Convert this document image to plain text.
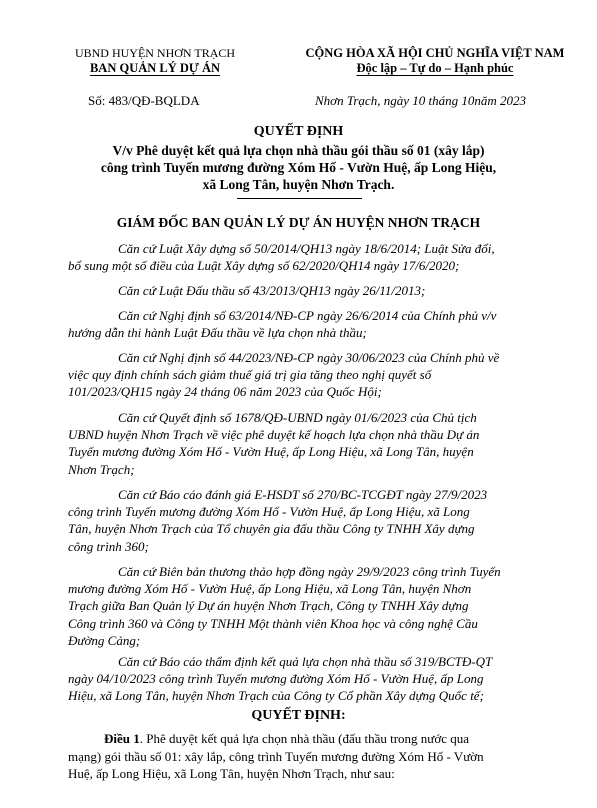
UBND HUYỆN NHƠN TRẠCH
BAN QUẢN LÝ DỰ ÁN
CỘNG HÒA XÃ HỘI CHỦ NGHĨA VIỆT NAM
Độc lập – Tự do – Hạnh phúc
Số: 483/QĐ-BQLDA	Nhơn Trạch, ngày 10 tháng 10năm 2023
QUYẾT ĐỊNH
V/v Phê duyệt kết quả lựa chọn nhà thầu gói thầu số 01 (xây lắp)
công trình Tuyến mương đường Xóm Hố - Vườn Huệ, ấp Long Hiệu,
xã Long Tân, huyện Nhơn Trạch.
GIÁM ĐỐC BAN QUẢN LÝ DỰ ÁN HUYỆN NHƠN TRẠCH
Căn cứ Luật Xây dựng số 50/2014/QH13 ngày 18/6/2014; Luật Sửa đổi,
bổ sung một số điều của Luật Xây dựng số 62/2020/QH14 ngày 17/6/2020;
Căn cứ Luật Đấu thầu số 43/2013/QH13 ngày 26/11/2013;
Căn cứ Nghị định số 63/2014/NĐ-CP ngày 26/6/2014 của Chính phủ v/v
hướng dẫn thi hành Luật Đấu thầu về lựa chọn nhà thầu;
Căn cứ Nghị định số 44/2023/NĐ-CP ngày 30/06/2023 của Chính phủ về
việc quy định chính sách giảm thuế giá trị gia tăng theo nghị quyết số
101/2023/QH15 ngày 24 tháng 06 năm 2023 của Quốc Hội;
Căn cứ Quyết định số 1678/QĐ-UBND ngày 01/6/2023 của Chủ tịch
UBND huyện Nhơn Trạch về việc phê duyệt kế hoạch lựa chọn nhà thầu Dự án
Tuyến mương đường Xóm Hố - Vườn Huệ, ấp Long Hiệu, xã Long Tân, huyện
Nhơn Trạch;
Căn cứ Báo cáo đánh giá E-HSDT số 270/BC-TCGĐT ngày 27/9/2023
công trình Tuyến mương đường Xóm Hố - Vườn Huệ, ấp Long Hiệu, xã Long
Tân, huyện Nhơn Trạch của Tổ chuyên gia đấu thầu Công ty TNHH Xây dựng
công trình 360;
Căn cứ Biên bản thương thảo hợp đồng ngày 29/9/2023 công trình Tuyến
mương đường Xóm Hố - Vườn Huệ, ấp Long Hiệu, xã Long Tân, huyện Nhơn
Trạch giữa Ban Quản lý Dự án huyện Nhơn Trạch, Công ty TNHH Xây dựng
Công trình 360 và Công ty TNHH Một thành viên Khoa học và công nghệ Cầu
Đường Cảng;
Căn cứ Báo cáo thẩm định kết quả lựa chọn nhà thầu số 319/BCTĐ-QT
ngày 04/10/2023 công trình Tuyến mương đường Xóm Hố - Vườn Huệ, ấp Long
Hiệu, xã Long Tân, huyện Nhơn Trạch của Công ty Cổ phần Xây dựng Quốc tế;
QUYẾT ĐỊNH:
Điều 1. Phê duyệt kết quả lựa chọn nhà thầu (đấu thầu trong nước qua
mạng) gói thầu số 01: xây lắp, công trình Tuyến mương đường Xóm Hố - Vườn
Huệ, ấp Long Hiệu, xã Long Tân, huyện Nhơn Trạch, như sau:
